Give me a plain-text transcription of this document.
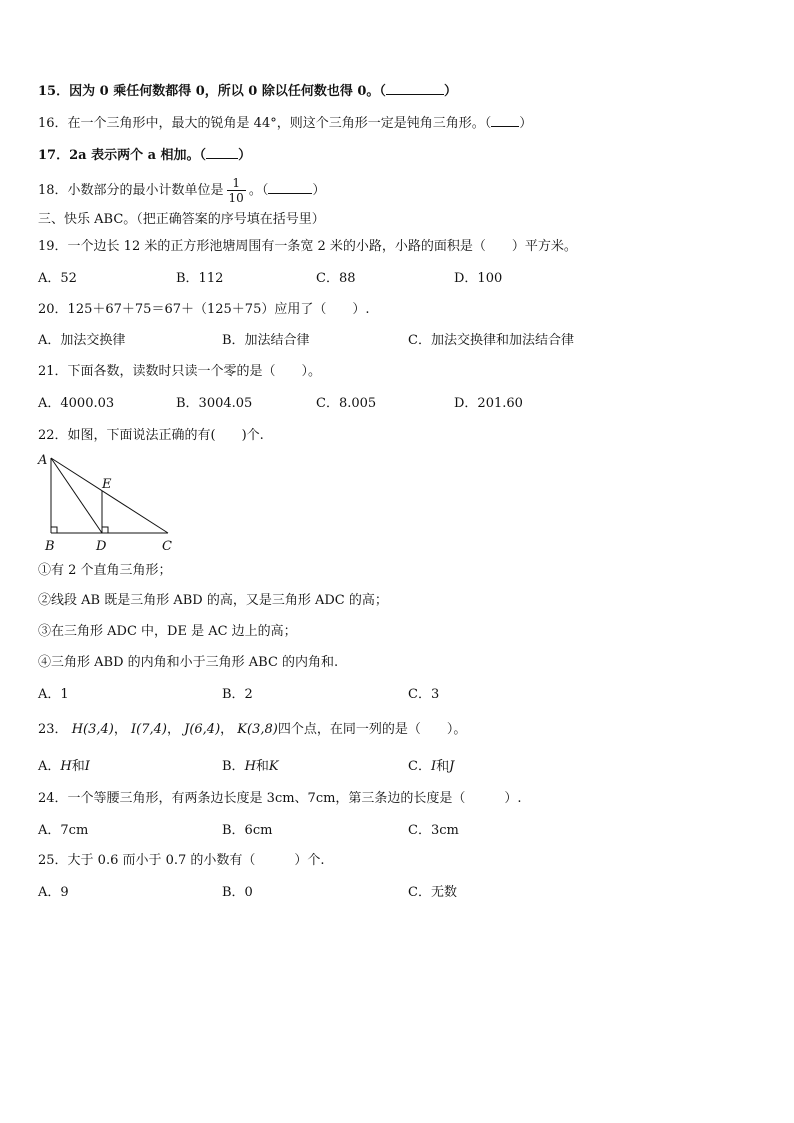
15．因为 0 乘任何数都得 0，所以 0 除以任何数也得 0。（	）
16．在一个三角形中，最大的锐角是 44°，则这个三角形一定是钝角三角形。（ ）
17．2a 表示两个 a 相加。（ ）
18．小数部分的最小计数单位是 $\frac{1}{10}$ 。（	）
三、快乐 ABC。（把正确答案的序号填在括号里）
19．一个边长 12 米的正方形池塘周围有一条宽 2 米的小路，小路的面积是（　　）平方米。
A．52	B．112	C．88	D．100
20．125＋67＋75＝67＋（125＋75）应用了（　　）.
A．加法交换律	B．加法结合律	C．加法交换律和加法结合律
21．下面各数，读数时只读一个零的是（　　）。
A．4000.03	B．3004.05	C．8.005	D．201.60
22．如图，下面说法正确的有(　　)个.
A
E
B	D	C
①有 2 个直角三角形；
②线段 AB 既是三角形 ABD 的高，又是三角形 ADC 的高；
③在三角形 ADC 中，DE 是 AC 边上的高；
④三角形 ABD 的内角和小于三角形 ABC 的内角和.
A．1	B．2	C．3
23． H(3,4)， I(7,4)， J(6,4)， K(3,8)四个点，在同一列的是（　　）。
A．H和I	B．H和K	C．I和J
24．一个等腰三角形，有两条边长度是 3cm、7cm，第三条边的长度是（　　　）.
A．7cm	B．6cm	C．3cm
25．大于 0.6 而小于 0.7 的小数有（　　　）个.
A．9	B．0	C．无数
